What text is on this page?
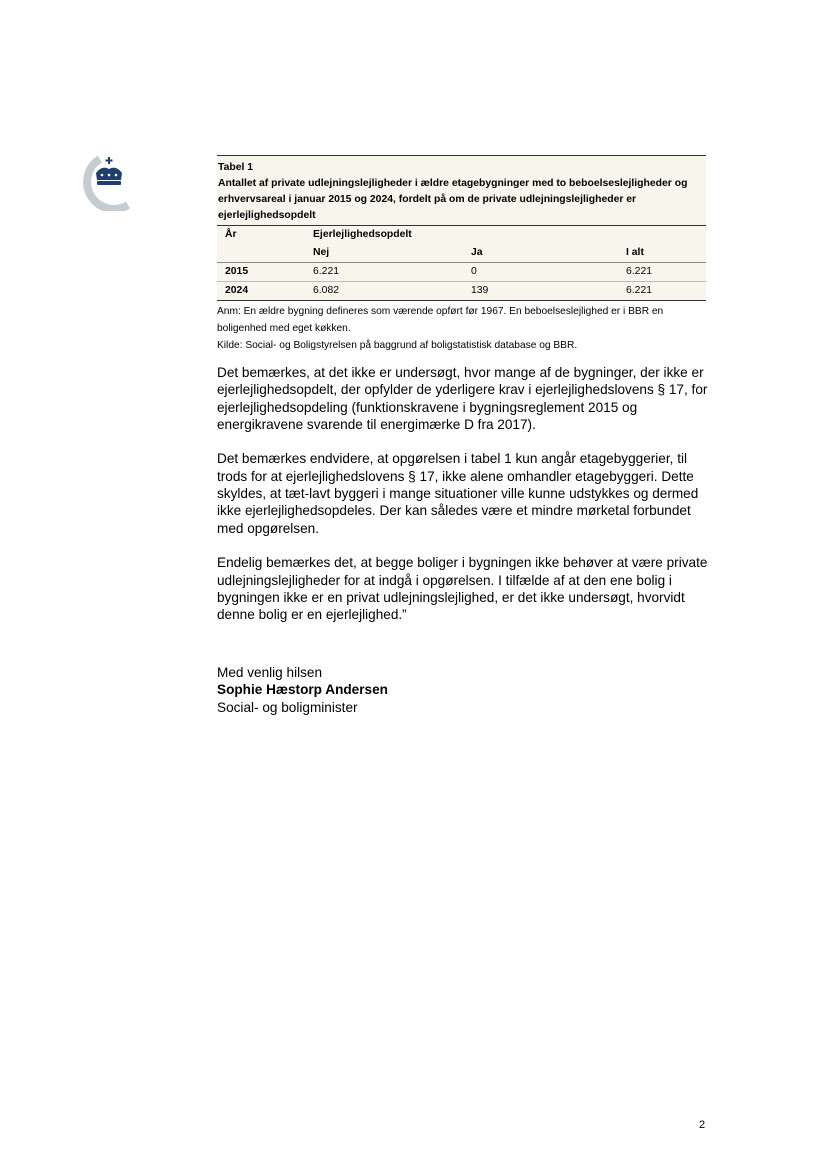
Tabel 1
Antallet af private udlejningslejligheder i ældre etagebygninger med to beboelseslejligheder og erhvervsareal i januar 2015 og 2024, fordelt på om de private udlejningslejligheder er ejerlejlighedsopdelt
År	Ejerlejlighedsopdelt		
	Nej	Ja	I alt
2015	6.221	0	6.221
2024	6.082	139	6.221
Anm: En ældre bygning defineres som værende opført før 1967. En beboelseslejlighed er i BBR en boligenhed med eget køkken.
Kilde: Social- og Boligstyrelsen på baggrund af boligstatistisk database og BBR.

Det bemærkes, at det ikke er undersøgt, hvor mange af de bygninger, der ikke er ejerlejlighedsopdelt, der opfylder de yderligere krav i ejerlejlighedslovens § 17, for ejerlejlighedsopdeling (funktionskravene i bygningsreglement 2015 og energikravene svarende til energimærke D fra 2017).

Det bemærkes endvidere, at opgørelsen i tabel 1 kun angår etagebyggerier, til trods for at ejerlejlighedslovens § 17, ikke alene omhandler etagebyggeri. Dette skyldes, at tæt-lavt byggeri i mange situationer ville kunne udstykkes og dermed ikke ejerlejlighedsopdeles. Der kan således være et mindre mørketal forbundet med opgørelsen.

Endelig bemærkes det, at begge boliger i bygningen ikke behøver at være private udlejningslejligheder for at indgå i opgørelsen. I tilfælde af at den ene bolig i bygningen ikke er en privat udlejningslejlighed, er det ikke undersøgt, hvorvidt denne bolig er en ejerlejlighed.”

Med venlig hilsen
Sophie Hæstorp Andersen
Social- og boligminister
2
